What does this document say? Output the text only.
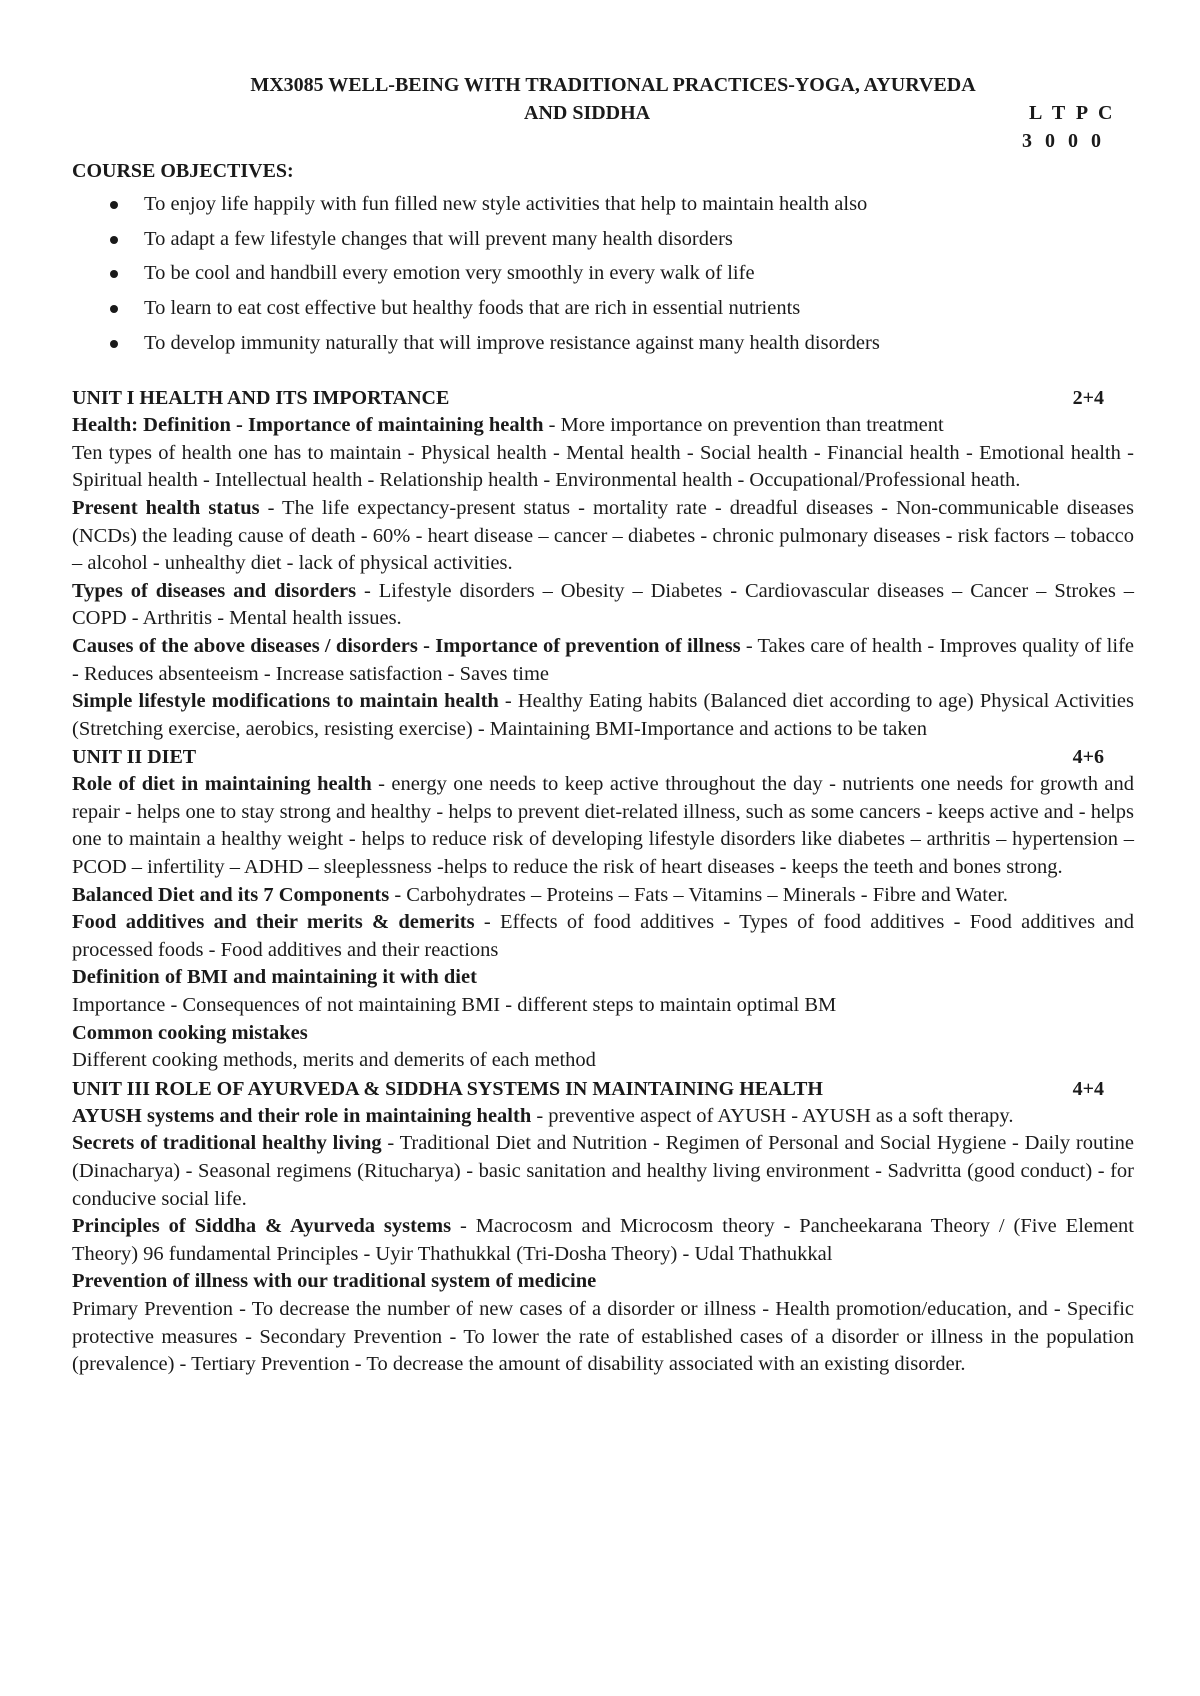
MX3085 WELL-BEING WITH TRADITIONAL PRACTICES-YOGA, AYURVEDA
AND SIDDHA	L T P C
3 0 0 0
COURSE OBJECTIVES:
To enjoy life happily with fun filled new style activities that help to maintain health also
To adapt a few lifestyle changes that will prevent many health disorders
To be cool and handbill every emotion very smoothly in every walk of life
To learn to eat cost effective but healthy foods that are rich in essential nutrients
To develop immunity naturally that will improve resistance against many health disorders
UNIT I HEALTH AND ITS IMPORTANCE	2+4
Health: Definition - Importance of maintaining health - More importance on prevention than treatment
Ten types of health one has to maintain - Physical health - Mental health - Social health - Financial health - Emotional health - Spiritual health - Intellectual health - Relationship health - Environmental health - Occupational/Professional heath.
Present health status - The life expectancy-present status - mortality rate - dreadful diseases - Non-communicable diseases (NCDs) the leading cause of death - 60% - heart disease – cancer – diabetes - chronic pulmonary diseases - risk factors – tobacco – alcohol - unhealthy diet - lack of physical activities.
Types of diseases and disorders - Lifestyle disorders – Obesity – Diabetes - Cardiovascular diseases – Cancer – Strokes – COPD - Arthritis - Mental health issues.
Causes of the above diseases / disorders - Importance of prevention of illness - Takes care of health - Improves quality of life - Reduces absenteeism - Increase satisfaction - Saves time
Simple lifestyle modifications to maintain health - Healthy Eating habits (Balanced diet according to age) Physical Activities (Stretching exercise, aerobics, resisting exercise) - Maintaining BMI-Importance and actions to be taken
UNIT II DIET	4+6
Role of diet in maintaining health - energy one needs to keep active throughout the day - nutrients one needs for growth and repair - helps one to stay strong and healthy - helps to prevent diet-related illness, such as some cancers - keeps active and - helps one to maintain a healthy weight - helps to reduce risk of developing lifestyle disorders like diabetes – arthritis – hypertension – PCOD – infertility – ADHD – sleeplessness -helps to reduce the risk of heart diseases - keeps the teeth and bones strong.
Balanced Diet and its 7 Components - Carbohydrates – Proteins – Fats – Vitamins – Minerals - Fibre and Water.
Food additives and their merits & demerits - Effects of food additives - Types of food additives - Food additives and processed foods - Food additives and their reactions
Definition of BMI and maintaining it with diet
Importance - Consequences of not maintaining BMI - different steps to maintain optimal BM
Common cooking mistakes
Different cooking methods, merits and demerits of each method
UNIT III ROLE OF AYURVEDA & SIDDHA SYSTEMS IN MAINTAINING HEALTH	4+4
AYUSH systems and their role in maintaining health - preventive aspect of AYUSH - AYUSH as a soft therapy.
Secrets of traditional healthy living - Traditional Diet and Nutrition - Regimen of Personal and Social Hygiene - Daily routine (Dinacharya) - Seasonal regimens (Ritucharya) - basic sanitation and healthy living environment - Sadvritta (good conduct) - for conducive social life.
Principles of Siddha & Ayurveda systems - Macrocosm and Microcosm theory - Pancheekarana Theory / (Five Element Theory) 96 fundamental Principles - Uyir Thathukkal (Tri-Dosha Theory) - Udal Thathukkal
Prevention of illness with our traditional system of medicine
Primary Prevention - To decrease the number of new cases of a disorder or illness - Health promotion/education, and - Specific protective measures - Secondary Prevention - To lower the rate of established cases of a disorder or illness in the population (prevalence) - Tertiary Prevention - To decrease the amount of disability associated with an existing disorder.
